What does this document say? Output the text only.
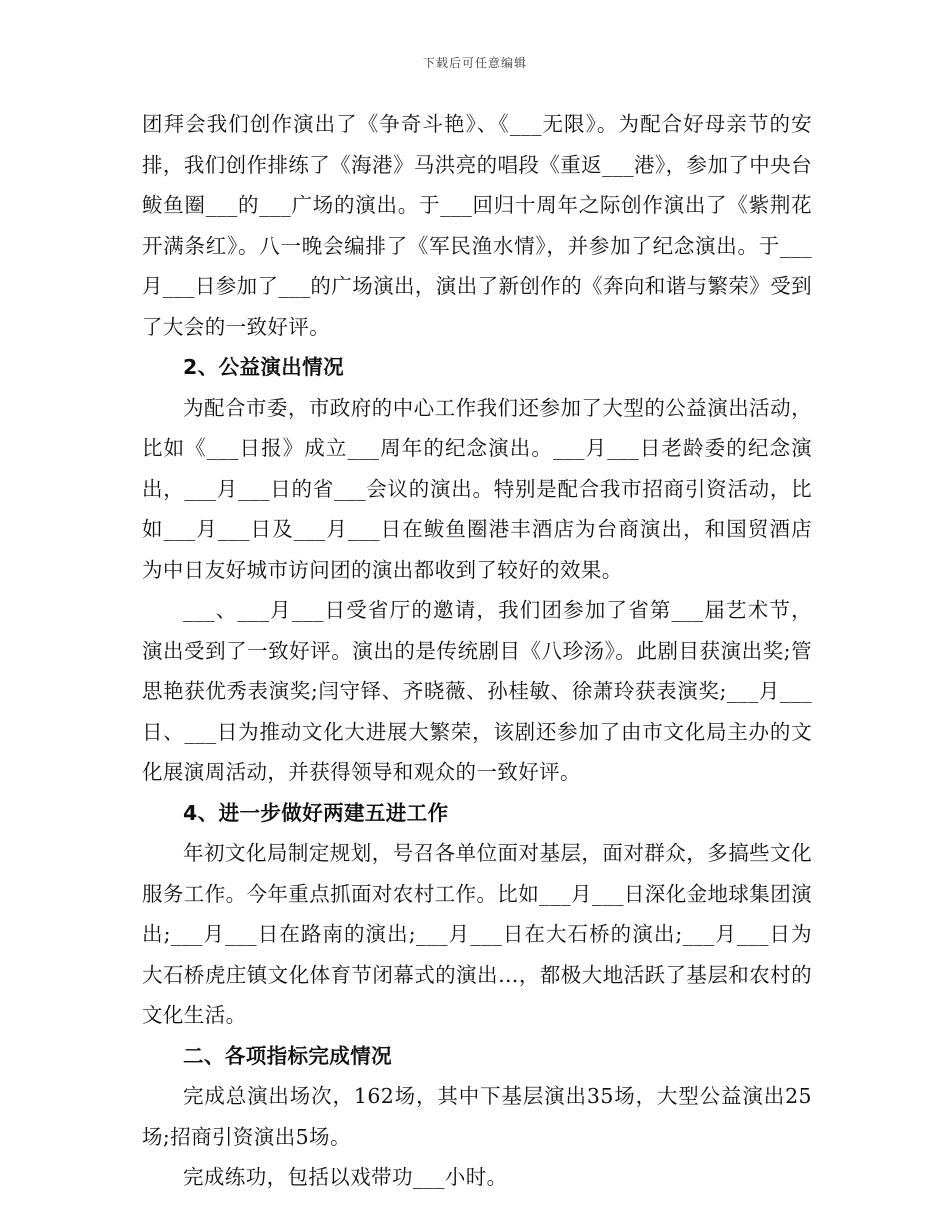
下载后可任意编辑

团拜会我们创作演出了《争奇斗艳》、《___无限》。为配合好母亲节的安排，我们创作排练了《海港》马洪亮的唱段《重返___港》，参加了中央台鲅鱼圈___的___广场的演出。于___回归十周年之际创作演出了《紫荆花开满条红》。八一晚会编排了《军民渔水情》，并参加了纪念演出。于___月___日参加了___的广场演出，演出了新创作的《奔向和谐与繁荣》受到了大会的一致好评。

2、公益演出情况

为配合市委，市政府的中心工作我们还参加了大型的公益演出活动，比如《___日报》成立___周年的纪念演出。___月___日老龄委的纪念演出，___月___日的省___会议的演出。特别是配合我市招商引资活动，比如___月___日及___月___日在鲅鱼圈港丰酒店为台商演出，和国贸酒店为中日友好城市访问团的演出都收到了较好的效果。

___、___月___日受省厅的邀请，我们团参加了省第___届艺术节，演出受到了一致好评。演出的是传统剧目《八珍汤》。此剧目获演出奖;管思艳获优秀表演奖;闫守铎、齐晓薇、孙桂敏、徐萧玲获表演奖;___月___日、___日为推动文化大进展大繁荣，该剧还参加了由市文化局主办的文化展演周活动，并获得领导和观众的一致好评。

4、进一步做好两建五进工作

年初文化局制定规划，号召各单位面对基层，面对群众，多搞些文化服务工作。今年重点抓面对农村工作。比如___月___日深化金地球集团演出;___月___日在路南的演出;___月___日在大石桥的演出;___月___日为大石桥虎庄镇文化体育节闭幕式的演出…，都极大地活跃了基层和农村的文化生活。

二、各项指标完成情况

完成总演出场次，162场，其中下基层演出35场，大型公益演出25场;招商引资演出5场。

完成练功，包括以戏带功___小时。
